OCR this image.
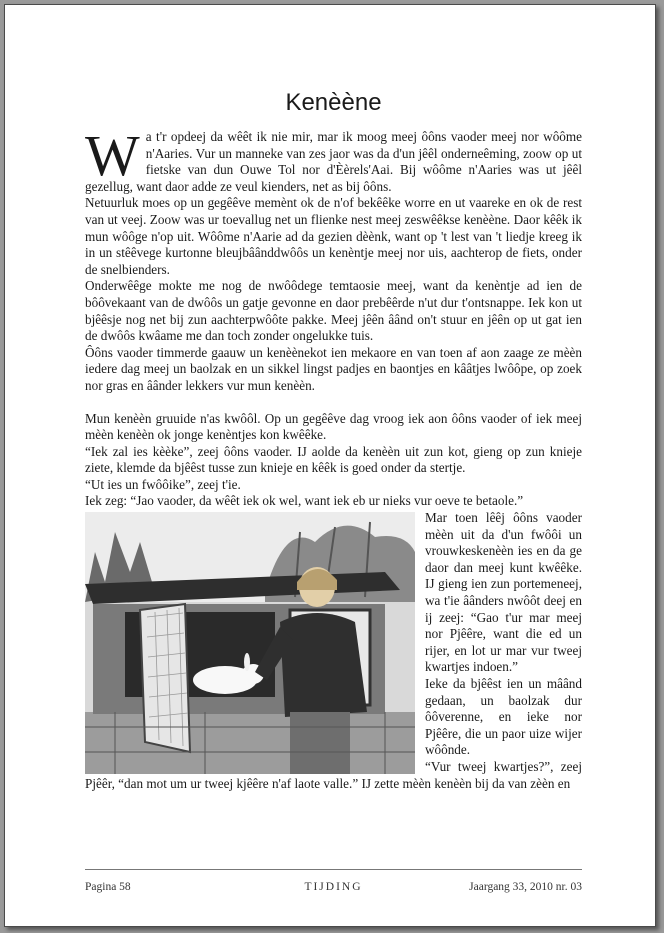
Kenèène
W a t'r opdeej da wêêt ik nie mir, mar ik moog meej ôôns vaoder meej nor wôôme n'Aaries. Vur un manneke van zes jaor was da d'un jêêl onderneêming, zoow op ut fietske van dun Ouwe Tol nor d'Èèrels'Aai. Bij wôôme n'Aaries was ut jêêl gezellug, want daor adde ze veul kienders, net as bij ôôns.

Netuurluk moes op un gegêêve memènt ok de n'of bekêêke worre en ut vaareke en ok de rest van ut veej. Zoow was ur toevallug net un flienke nest meej zeswêêkse kenèène. Daor kêêk ik mun wôôge n'op uit. Wôôme n'Aarie ad da gezien dèènk, want op 't lest van 't liedje kreeg ik in un stêêvege kurtonne bleujbâânddwôôs un kenèntje meej nor uis, aachterop de fiets, onder de snelbienders.

Onderwêêge mokte me nog de nwôôdege temtaosie meej, want da kenèntje ad ien de bôôvekaant van de dwôôs un gatje gevonne en daor prebêêrde n'ut dur t'ontsnappe. Iek kon ut bjêêsje nog net bij zun aachterpwôôte pakke. Meej jêên âând on't stuur en jêên op ut gat ien de dwôôs kwâame me dan toch zonder ongelukke tuis.

Ôôns vaoder timmerde gaauw un kenèènekot ien mekaore en van toen af aon zaage ze mèèn iedere dag meej un baolzak en un sikkel lingst padjes en baontjes en kââtjes lwôôpe, op zoek nor gras en âânder lekkers vur mun kenèèn.

Mun kenèèn gruuide n'as kwôôl. Op un gegêêve dag vroog iek aon ôôns vaoder of iek meej mèèn kenèèn ok jonge kenèntjes kon kwêêke.

“Iek zal ies kèèke”, zeej ôôns vaoder. IJ aolde da kenèèn uit zun kot, gieng op zun knieje ziete, klemde da bjêêst tusse zun knieje en kêêk is goed onder da stertje.

“Ut ies un fwôôike”, zeej t'ie.

Iek zeg: “Jao vaoder, da wêêt iek ok wel, want iek eb ur nieks vur oeve te betaole.”

Mar toen lêêj ôôns vaoder mèèn uit da d'un fwôôi un vrouwkeskenèèn ies en da ge daor dan meej kunt kwêêke. IJ gieng ien zun portemeneej, wa t'ie âânders nwôôt deej en ij zeej: “Gao t'ur mar meej nor Pjêêre, want die ed un rijer, en lot ur mar vur tweej kwartjes indoen.”

Ieke da bjêêst ien un mâând gedaan, un baolzak dur ôôverenne, en ieke nor Pjêêre, die un paor uize wijer wôônde.

“Vur tweej kwartjes?”, zeej Pjêêr, “dan mot um ur tweej kjêêre n'af laote valle.” IJ zette mèèn kenèèn bij da van zèèn en

Pagina 58	TIJDING	Jaargang 33, 2010 nr. 03
